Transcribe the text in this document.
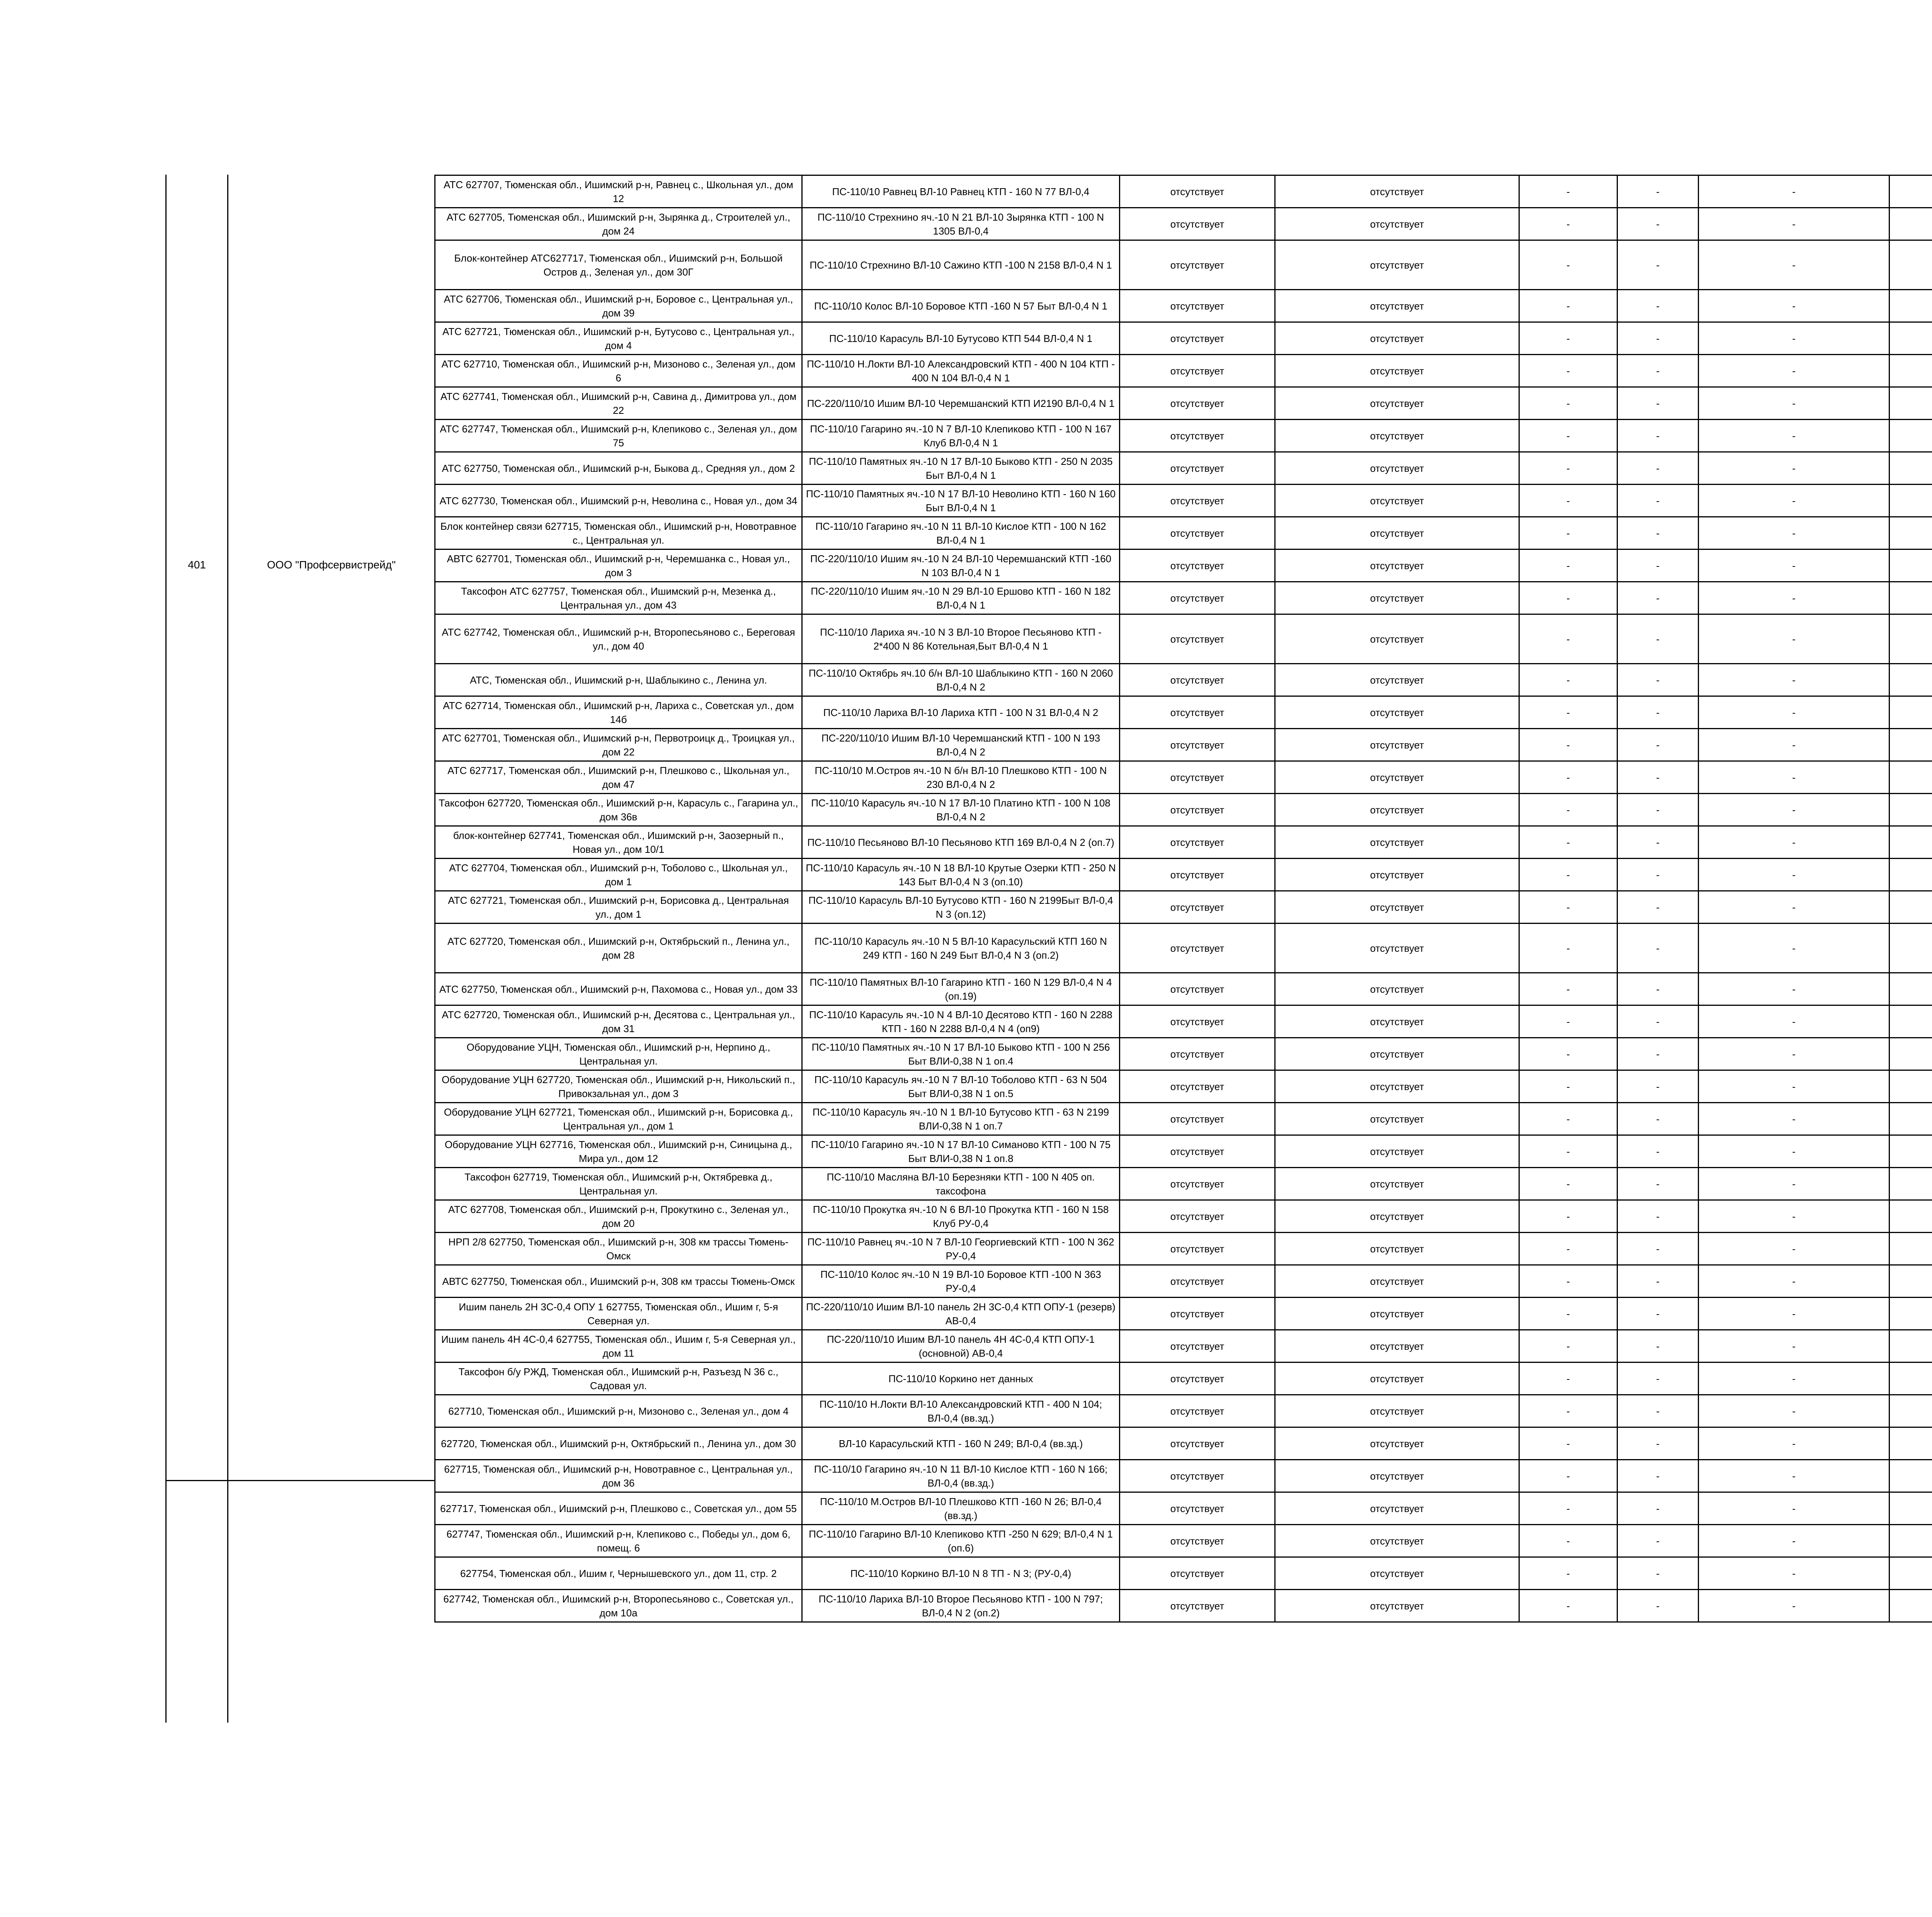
401	ООО "Профсервистрейд"
АТС 627707, Тюменская обл., Ишимский р-н, Равнец с., Школьная ул., дом 12	ПС-110/10 Равнец ВЛ-10 Равнец КТП - 160 N 77 ВЛ-0,4	отсутствует	отсутствует	-	-	-		
АТС 627705, Тюменская обл., Ишимский р-н, Зырянка д., Строителей ул., дом 24	ПС-110/10 Стрехнино яч.-10 N 21 ВЛ-10 Зырянка КТП - 100 N 1305 ВЛ-0,4	отсутствует	отсутствует	-	-	-		
Блок-контейнер АТС627717, Тюменская обл., Ишимский р-н, Большой Остров д., Зеленая ул., дом 30Г	ПС-110/10 Стрехнино ВЛ-10 Сажино КТП -100 N 2158 ВЛ-0,4 N 1	отсутствует	отсутствует	-	-	-		
АТС 627706, Тюменская обл., Ишимский р-н, Боровое с., Центральная ул., дом 39	ПС-110/10 Колос ВЛ-10 Боровое КТП -160 N 57 Быт ВЛ-0,4 N 1	отсутствует	отсутствует	-	-	-		
АТС 627721, Тюменская обл., Ишимский р-н, Бутусово с., Центральная ул., дом 4	ПС-110/10 Карасуль ВЛ-10 Бутусово КТП 544 ВЛ-0,4 N 1	отсутствует	отсутствует	-	-	-		
АТС 627710, Тюменская обл., Ишимский р-н, Мизоново с., Зеленая ул., дом 6	ПС-110/10 Н.Локти ВЛ-10 Александровский КТП - 400 N 104 КТП - 400 N 104 ВЛ-0,4 N 1	отсутствует	отсутствует	-	-	-		
АТС 627741, Тюменская обл., Ишимский р-н, Савина д., Димитрова ул., дом 22	ПС-220/110/10 Ишим ВЛ-10 Черемшанский КТП И2190 ВЛ-0,4 N 1	отсутствует	отсутствует	-	-	-		
АТС 627747, Тюменская обл., Ишимский р-н, Клепиково с., Зеленая ул., дом 75	ПС-110/10 Гагарино яч.-10 N 7 ВЛ-10 Клепиково КТП - 100 N 167 Клуб ВЛ-0,4 N 1	отсутствует	отсутствует	-	-	-		
АТС 627750, Тюменская обл., Ишимский р-н, Быкова д., Средняя ул., дом 2	ПС-110/10 Памятных яч.-10 N 17 ВЛ-10 Быково КТП - 250 N 2035 Быт ВЛ-0,4 N 1	отсутствует	отсутствует	-	-	-		
АТС 627730, Тюменская обл., Ишимский р-н, Неволина с., Новая ул., дом 34	ПС-110/10 Памятных яч.-10 N 17 ВЛ-10 Неволино КТП - 160 N 160 Быт ВЛ-0,4 N 1	отсутствует	отсутствует	-	-	-		
Блок контейнер связи 627715, Тюменская обл., Ишимский р-н, Новотравное с., Центральная ул.	ПС-110/10 Гагарино яч.-10 N 11 ВЛ-10 Кислое КТП - 100 N 162 ВЛ-0,4 N 1	отсутствует	отсутствует	-	-	-		
АВТС 627701, Тюменская обл., Ишимский р-н, Черемшанка с., Новая ул., дом 3	ПС-220/110/10 Ишим яч.-10 N 24 ВЛ-10 Черемшанский КТП -160 N 103 ВЛ-0,4 N 1	отсутствует	отсутствует	-	-	-		
Таксофон АТС 627757, Тюменская обл., Ишимский р-н, Мезенка д., Центральная ул., дом 43	ПС-220/110/10 Ишим яч.-10 N 29 ВЛ-10 Ершово КТП - 160 N 182 ВЛ-0,4 N 1	отсутствует	отсутствует	-	-	-		
АТС 627742, Тюменская обл., Ишимский р-н, Второпесьяново с., Береговая ул., дом 40	ПС-110/10 Лариха яч.-10 N 3 ВЛ-10 Второе Песьяново КТП - 2*400 N 86 Котельная,Быт ВЛ-0,4 N 1	отсутствует	отсутствует	-	-	-		
АТС, Тюменская обл., Ишимский р-н, Шаблыкино с., Ленина ул.	ПС-110/10 Октябрь яч.10 б/н ВЛ-10 Шаблыкино КТП - 160 N 2060 ВЛ-0,4 N 2	отсутствует	отсутствует	-	-	-		
АТС 627714, Тюменская обл., Ишимский р-н, Лариха с., Советская ул., дом 14б	ПС-110/10 Лариха ВЛ-10 Лариха КТП - 100 N 31 ВЛ-0,4 N 2	отсутствует	отсутствует	-	-	-		
АТС 627701, Тюменская обл., Ишимский р-н, Первотроицк д., Троицкая ул., дом 22	ПС-220/110/10 Ишим ВЛ-10 Черемшанский КТП - 100 N 193 ВЛ-0,4 N 2	отсутствует	отсутствует	-	-	-		
АТС 627717, Тюменская обл., Ишимский р-н, Плешково с., Школьная ул., дом 47	ПС-110/10 М.Остров яч.-10 N б/н ВЛ-10 Плешково КТП - 100 N 230 ВЛ-0,4 N 2	отсутствует	отсутствует	-	-	-		
Таксофон 627720, Тюменская обл., Ишимский р-н, Карасуль с., Гагарина ул., дом 36в	ПС-110/10 Карасуль яч.-10 N 17 ВЛ-10 Платино КТП - 100 N 108 ВЛ-0,4 N 2	отсутствует	отсутствует	-	-	-		
блок-контейнер 627741, Тюменская обл., Ишимский р-н, Заозерный п., Новая ул., дом 10/1	ПС-110/10 Песьяново ВЛ-10 Песьяново КТП 169 ВЛ-0,4 N 2 (оп.7)	отсутствует	отсутствует	-	-	-		
АТС 627704, Тюменская обл., Ишимский р-н, Тоболово с., Школьная ул., дом 1	ПС-110/10 Карасуль яч.-10 N 18 ВЛ-10 Крутые Озерки КТП - 250 N 143 Быт ВЛ-0,4 N 3 (оп.10)	отсутствует	отсутствует	-	-	-		
АТС 627721, Тюменская обл., Ишимский р-н, Борисовка д., Центральная ул., дом 1	ПС-110/10 Карасуль ВЛ-10 Бутусово КТП - 160 N 2199Быт ВЛ-0,4 N 3 (оп.12)	отсутствует	отсутствует	-	-	-		
АТС 627720, Тюменская обл., Ишимский р-н, Октябрьский п., Ленина ул., дом 28	ПС-110/10 Карасуль яч.-10 N 5 ВЛ-10 Карасульский КТП 160 N 249 КТП - 160 N 249 Быт ВЛ-0,4 N 3 (оп.2)	отсутствует	отсутствует	-	-	-		
АТС 627750, Тюменская обл., Ишимский р-н, Пахомова с., Новая ул., дом 33	ПС-110/10 Памятных ВЛ-10 Гагарино КТП - 160 N 129 ВЛ-0,4 N 4 (оп.19)	отсутствует	отсутствует	-	-	-		
АТС 627720, Тюменская обл., Ишимский р-н, Десятова с., Центральная ул., дом 31	ПС-110/10 Карасуль яч.-10 N 4 ВЛ-10 Десятово КТП - 160 N 2288 КТП - 160 N 2288 ВЛ-0,4 N 4 (оп9)	отсутствует	отсутствует	-	-	-		
Оборудование УЦН, Тюменская обл., Ишимский р-н, Нерпино д., Центральная ул.	ПС-110/10 Памятных яч.-10 N 17 ВЛ-10 Быково КТП - 100 N 256 Быт ВЛИ-0,38 N 1 оп.4	отсутствует	отсутствует	-	-	-		
Оборудование УЦН 627720, Тюменская обл., Ишимский р-н, Никольский п., Привокзальная ул., дом 3	ПС-110/10 Карасуль яч.-10 N 7 ВЛ-10 Тоболово КТП - 63 N 504 Быт ВЛИ-0,38 N 1 оп.5	отсутствует	отсутствует	-	-	-		
Оборудование УЦН 627721, Тюменская обл., Ишимский р-н, Борисовка д., Центральная ул., дом 1	ПС-110/10 Карасуль яч.-10 N 1 ВЛ-10 Бутусово КТП - 63 N 2199 ВЛИ-0,38 N 1 оп.7	отсутствует	отсутствует	-	-	-		
Оборудование УЦН 627716, Тюменская обл., Ишимский р-н, Синицына д., Мира ул., дом 12	ПС-110/10 Гагарино яч.-10 N 17 ВЛ-10 Симаново КТП - 100 N 75 Быт ВЛИ-0,38 N 1 оп.8	отсутствует	отсутствует	-	-	-		
Таксофон 627719, Тюменская обл., Ишимский р-н, Октябревка д., Центральная ул.	ПС-110/10 Масляна ВЛ-10 Березняки КТП - 100 N 405 оп. таксофона	отсутствует	отсутствует	-	-	-		
АТС 627708, Тюменская обл., Ишимский р-н, Прокуткино с., Зеленая ул., дом 20	ПС-110/10 Прокутка яч.-10 N 6 ВЛ-10 Прокутка КТП - 160 N 158 Клуб РУ-0,4	отсутствует	отсутствует	-	-	-		
НРП 2/8 627750, Тюменская обл., Ишимский р-н, 308 км трассы Тюмень-Омск	ПС-110/10 Равнец яч.-10 N 7 ВЛ-10 Георгиевский КТП - 100 N 362 РУ-0,4	отсутствует	отсутствует	-	-	-		
АВТС 627750, Тюменская обл., Ишимский р-н, 308 км трассы Тюмень-Омск	ПС-110/10 Колос яч.-10 N 19 ВЛ-10 Боровое КТП -100 N 363 РУ-0,4	отсутствует	отсутствует	-	-	-		
Ишим панель 2Н 3С-0,4 ОПУ 1 627755, Тюменская обл., Ишим г, 5-я Северная ул.	ПС-220/110/10 Ишим ВЛ-10 панель 2Н 3С-0,4 КТП ОПУ-1 (резерв) АВ-0,4	отсутствует	отсутствует	-	-	-		
Ишим панель 4Н 4С-0,4 627755, Тюменская обл., Ишим г, 5-я Северная ул., дом 11	ПС-220/110/10 Ишим ВЛ-10 панель 4Н 4С-0,4 КТП ОПУ-1 (основной) АВ-0,4	отсутствует	отсутствует	-	-	-		
Таксофон б/у РЖД, Тюменская обл., Ишимский р-н, Разъезд N 36 с., Садовая ул.	ПС-110/10 Коркино нет данных	отсутствует	отсутствует	-	-	-		
627710, Тюменская обл., Ишимский р-н, Мизоново с., Зеленая ул., дом 4	ПС-110/10 Н.Локти ВЛ-10 Александровский КТП - 400 N 104; ВЛ-0,4 (вв.зд.)	отсутствует	отсутствует	-	-	-		
627720, Тюменская обл., Ишимский р-н, Октябрьский п., Ленина ул., дом 30	ВЛ-10 Карасульский КТП - 160 N 249; ВЛ-0,4 (вв.зд.)	отсутствует	отсутствует	-	-	-		
627715, Тюменская обл., Ишимский р-н, Новотравное с., Центральная ул., дом 36	ПС-110/10 Гагарино яч.-10 N 11 ВЛ-10 Кислое КТП - 160 N 166; ВЛ-0,4 (вв.зд.)	отсутствует	отсутствует	-	-	-		
627717, Тюменская обл., Ишимский р-н, Плешково с., Советская ул., дом 55	ПС-110/10 М.Остров ВЛ-10 Плешково КТП -160 N 26; ВЛ-0,4 (вв.зд.)	отсутствует	отсутствует	-	-	-		
627747, Тюменская обл., Ишимский р-н, Клепиково с., Победы ул., дом 6, помещ. 6	ПС-110/10 Гагарино ВЛ-10 Клепиково КТП -250 N 629; ВЛ-0,4 N 1 (оп.6)	отсутствует	отсутствует	-	-	-		
627754, Тюменская обл., Ишим г, Чернышевского ул., дом 11, стр. 2	ПС-110/10 Коркино ВЛ-10 N 8 ТП - N 3; (РУ-0,4)	отсутствует	отсутствует	-	-	-		
627742, Тюменская обл., Ишимский р-н, Второпесьяново с., Советская ул., дом 10а	ПС-110/10 Лариха ВЛ-10 Второе Песьяново КТП - 100 N 797; ВЛ-0,4 N 2 (оп.2)	отсутствует	отсутствует	-	-	-		
